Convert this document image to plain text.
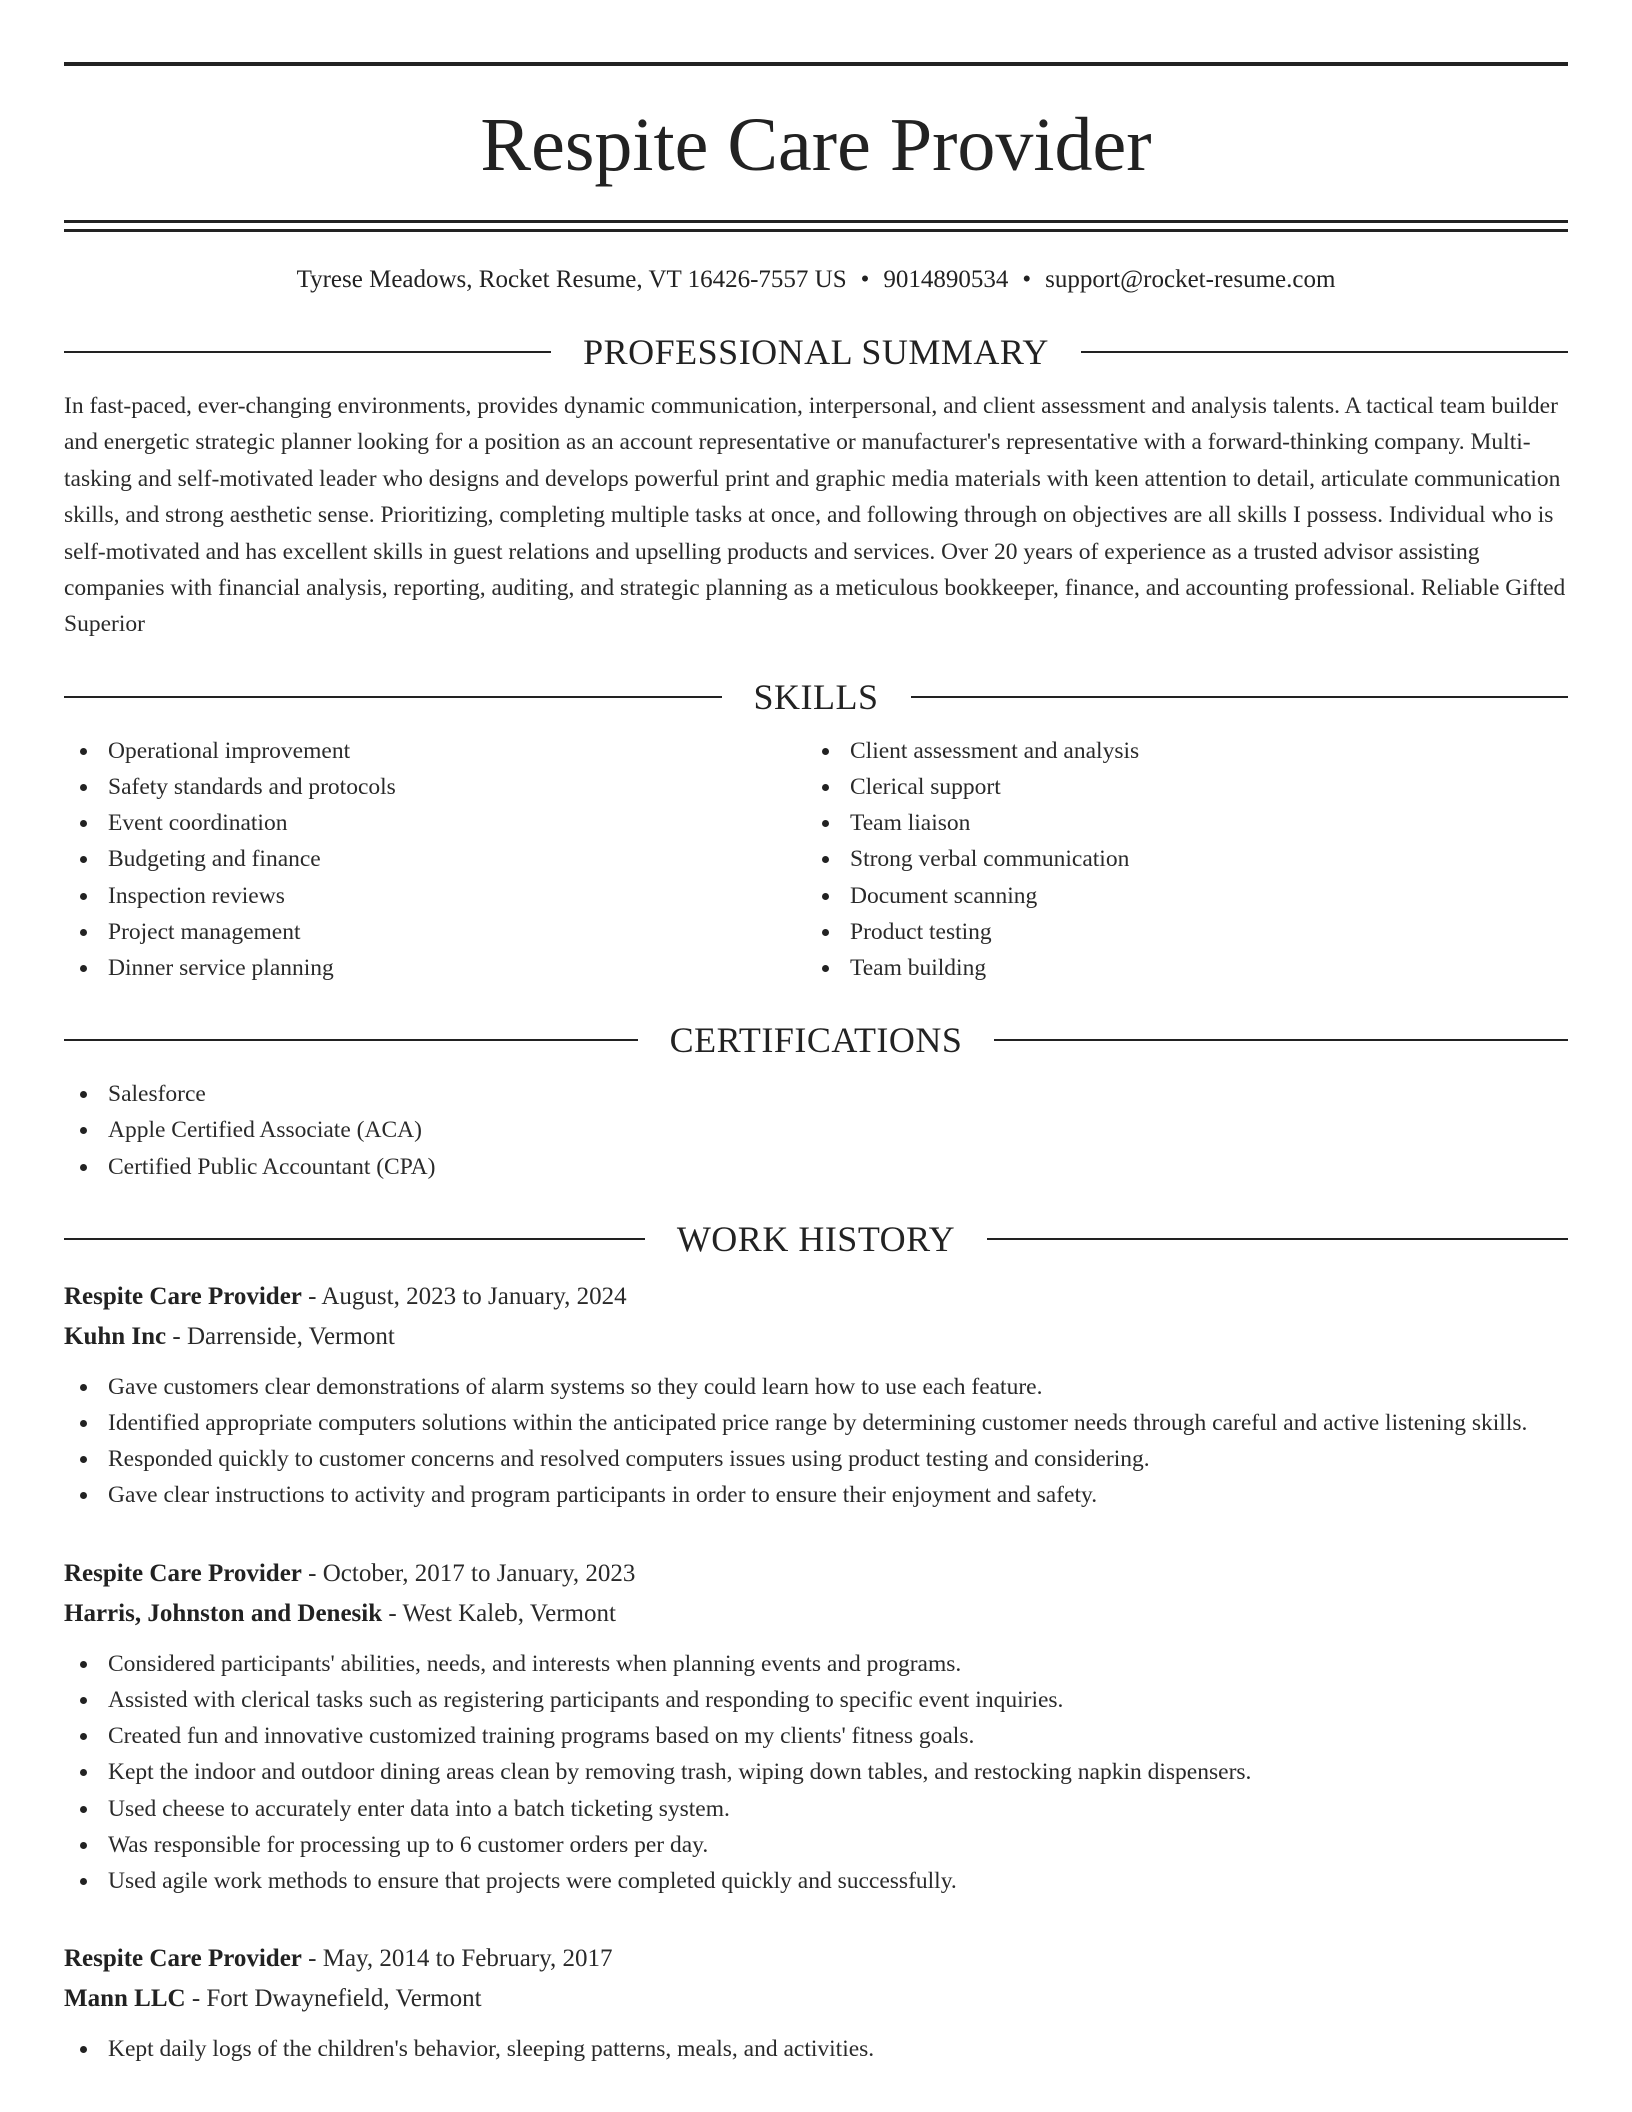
Respite Care Provider
Tyrese Meadows, Rocket Resume, VT 16426-7557 US • 9014890534 • support@rocket-resume.com
PROFESSIONAL SUMMARY
In fast-paced, ever-changing environments, provides dynamic communication, interpersonal, and client assessment and analysis talents. A tactical team builder and energetic strategic planner looking for a position as an account representative or manufacturer's representative with a forward-thinking company. Multi-tasking and self-motivated leader who designs and develops powerful print and graphic media materials with keen attention to detail, articulate communication skills, and strong aesthetic sense. Prioritizing, completing multiple tasks at once, and following through on objectives are all skills I possess. Individual who is self-motivated and has excellent skills in guest relations and upselling products and services. Over 20 years of experience as a trusted advisor assisting companies with financial analysis, reporting, auditing, and strategic planning as a meticulous bookkeeper, finance, and accounting professional. Reliable Gifted Superior
SKILLS
Operational improvement
Safety standards and protocols
Event coordination
Budgeting and finance
Inspection reviews
Project management
Dinner service planning
Client assessment and analysis
Clerical support
Team liaison
Strong verbal communication
Document scanning
Product testing
Team building
CERTIFICATIONS
Salesforce
Apple Certified Associate (ACA)
Certified Public Accountant (CPA)
WORK HISTORY
Respite Care Provider - August, 2023 to January, 2024
Kuhn Inc - Darrenside, Vermont
Gave customers clear demonstrations of alarm systems so they could learn how to use each feature.
Identified appropriate computers solutions within the anticipated price range by determining customer needs through careful and active listening skills.
Responded quickly to customer concerns and resolved computers issues using product testing and considering.
Gave clear instructions to activity and program participants in order to ensure their enjoyment and safety.
Respite Care Provider - October, 2017 to January, 2023
Harris, Johnston and Denesik - West Kaleb, Vermont
Considered participants' abilities, needs, and interests when planning events and programs.
Assisted with clerical tasks such as registering participants and responding to specific event inquiries.
Created fun and innovative customized training programs based on my clients' fitness goals.
Kept the indoor and outdoor dining areas clean by removing trash, wiping down tables, and restocking napkin dispensers.
Used cheese to accurately enter data into a batch ticketing system.
Was responsible for processing up to 6 customer orders per day.
Used agile work methods to ensure that projects were completed quickly and successfully.
Respite Care Provider - May, 2014 to February, 2017
Mann LLC - Fort Dwaynefield, Vermont
Kept daily logs of the children's behavior, sleeping patterns, meals, and activities.
